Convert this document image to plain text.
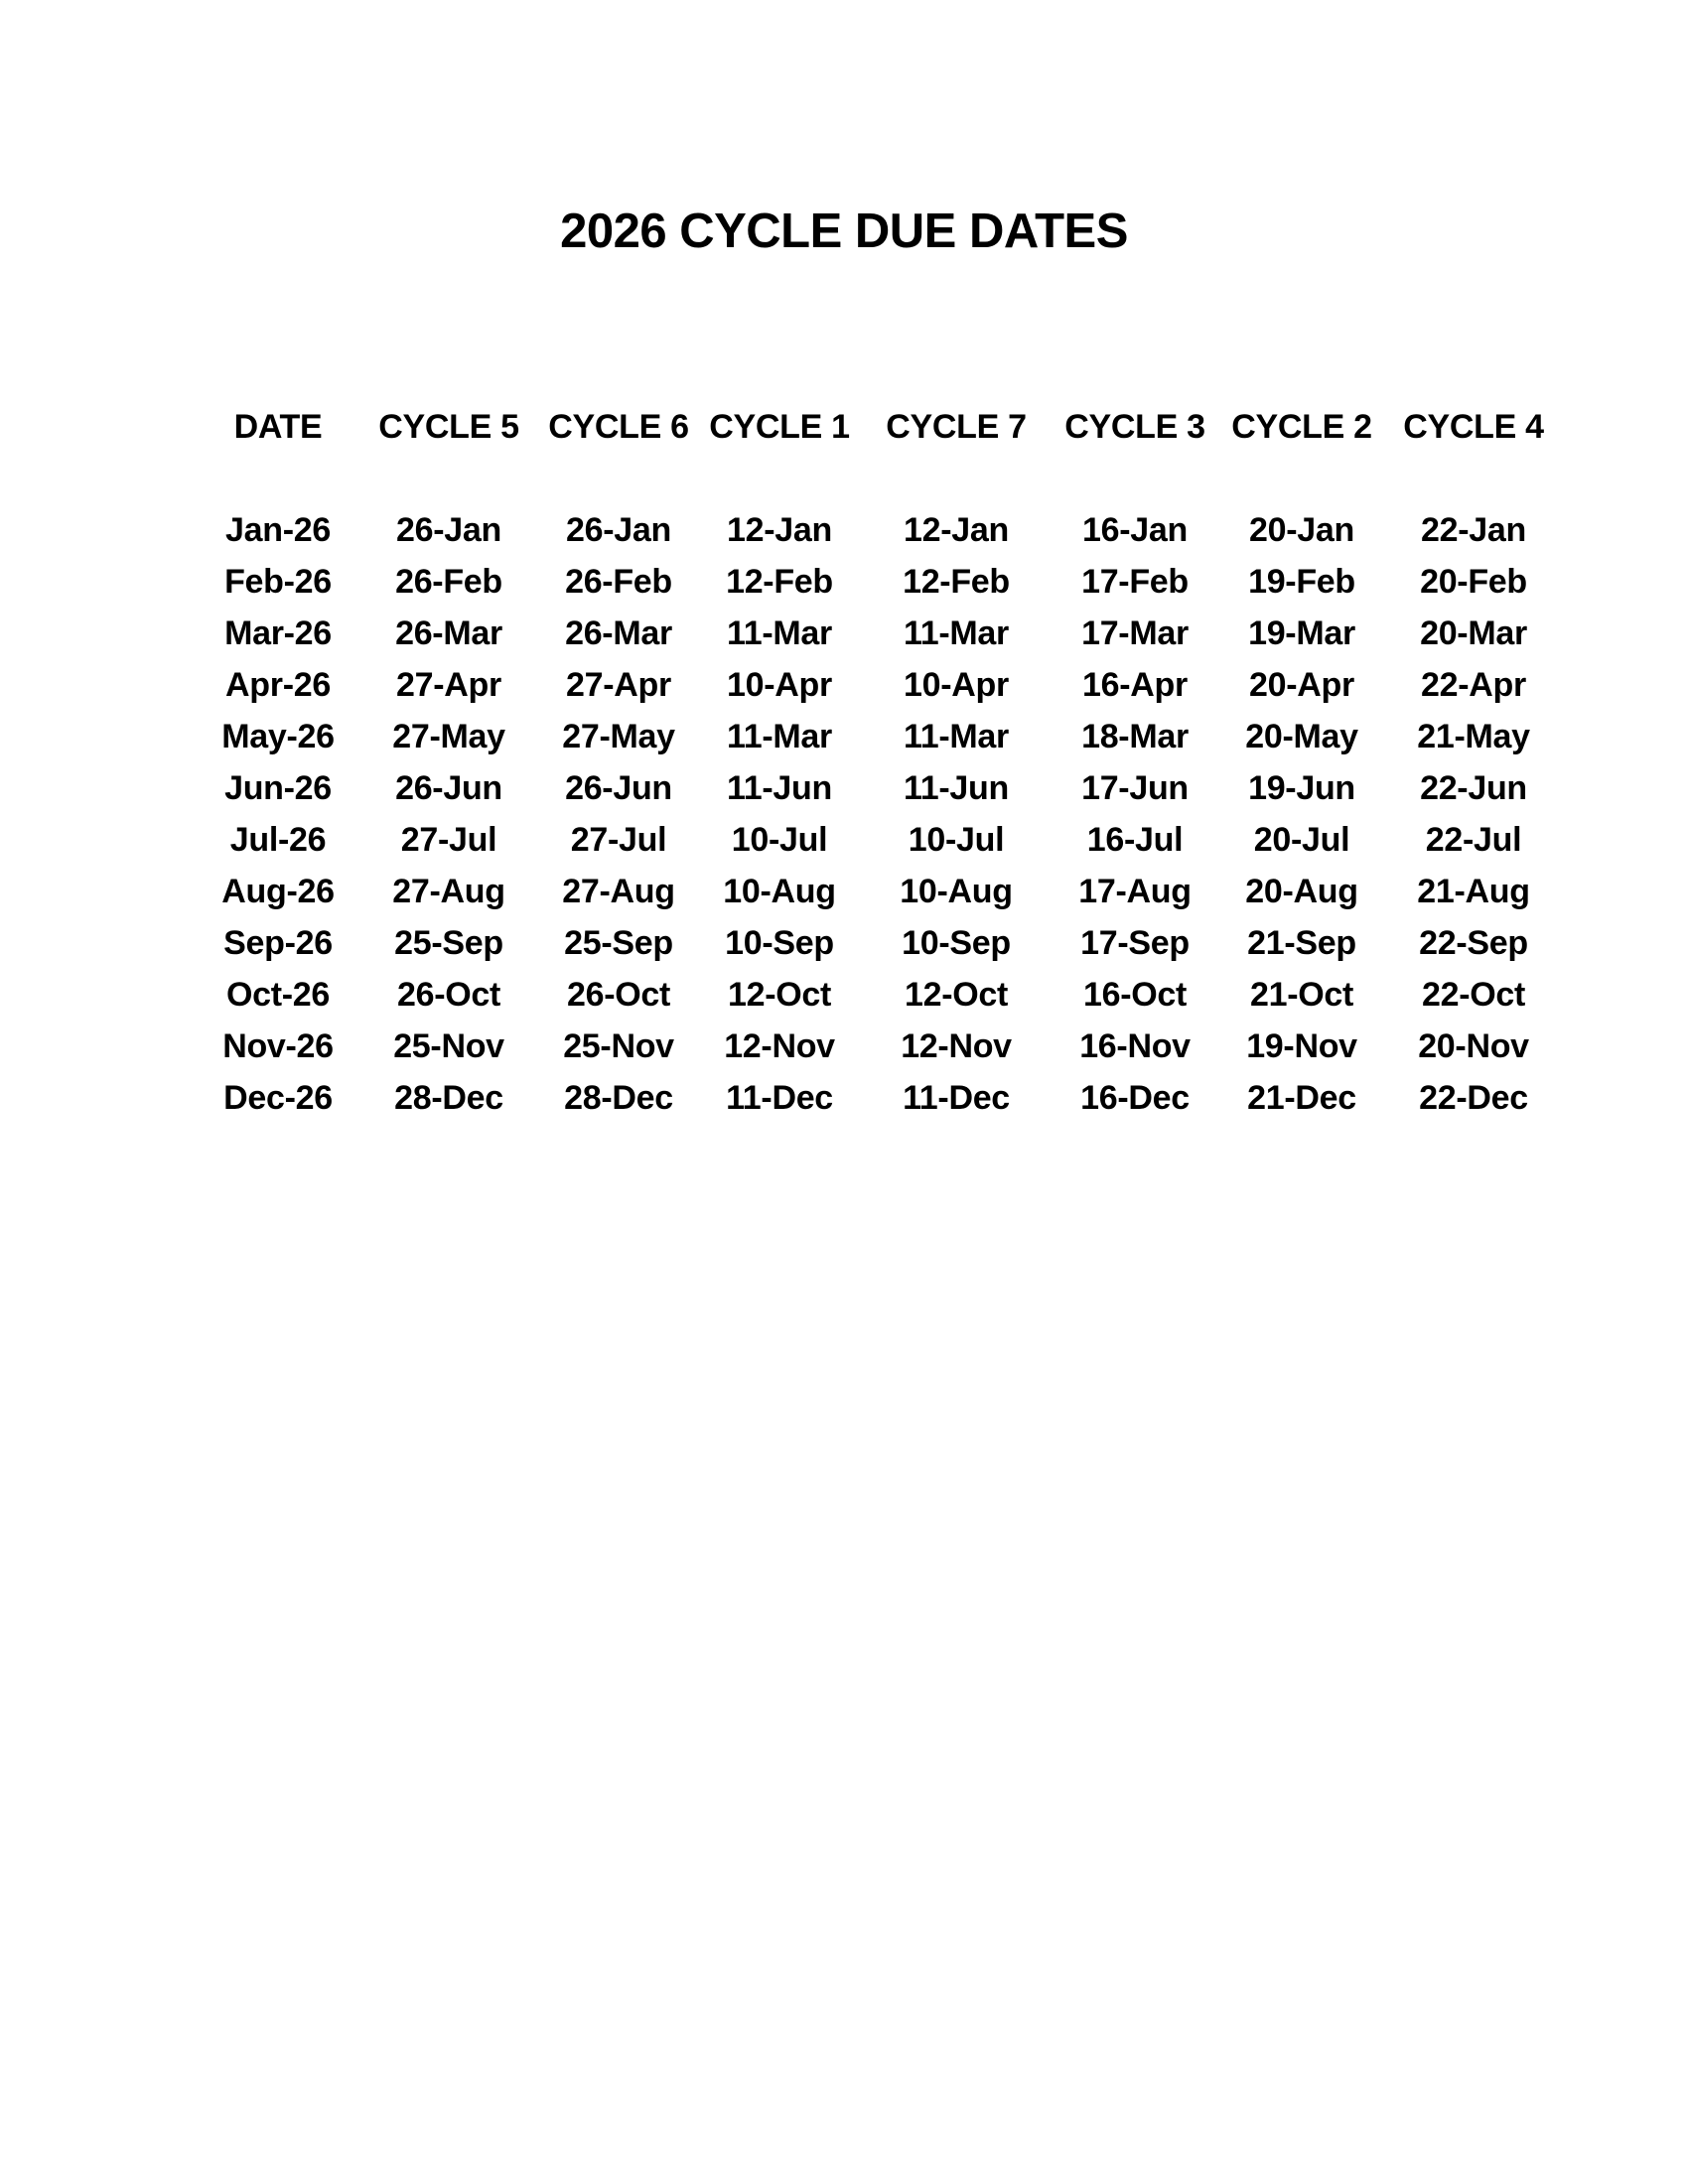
2026 CYCLE DUE DATES
DATE	CYCLE 5 CYCLE 6 CYCLE 1	CYCLE 7	CYCLE 3 CYCLE 2 CYCLE 4
Jan-26	26-Jan	26-Jan	12-Jan	12-Jan	16-Jan	20-Jan	22-Jan
Feb-26	26-Feb	26-Feb	12-Feb	12-Feb	17-Feb	19-Feb	20-Feb
Mar-26	26-Mar	26-Mar	11-Mar	11-Mar	17-Mar	19-Mar	20-Mar
Apr-26	27-Apr	27-Apr	10-Apr	10-Apr	16-Apr	20-Apr	22-Apr
May-26	27-May	27-May	11-Mar	11-Mar	18-Mar	20-May	21-May
Jun-26	26-Jun	26-Jun	11-Jun	11-Jun	17-Jun	19-Jun	22-Jun
Jul-26	27-Jul	27-Jul	10-Jul	10-Jul	16-Jul	20-Jul	22-Jul
Aug-26	27-Aug	27-Aug	10-Aug	10-Aug	17-Aug	20-Aug	21-Aug
Sep-26	25-Sep	25-Sep	10-Sep	10-Sep	17-Sep	21-Sep	22-Sep
Oct-26	26-Oct	26-Oct	12-Oct	12-Oct	16-Oct	21-Oct	22-Oct
Nov-26	25-Nov	25-Nov	12-Nov	12-Nov	16-Nov	19-Nov	20-Nov
Dec-26	28-Dec	28-Dec	11-Dec	11-Dec	16-Dec	21-Dec	22-Dec
